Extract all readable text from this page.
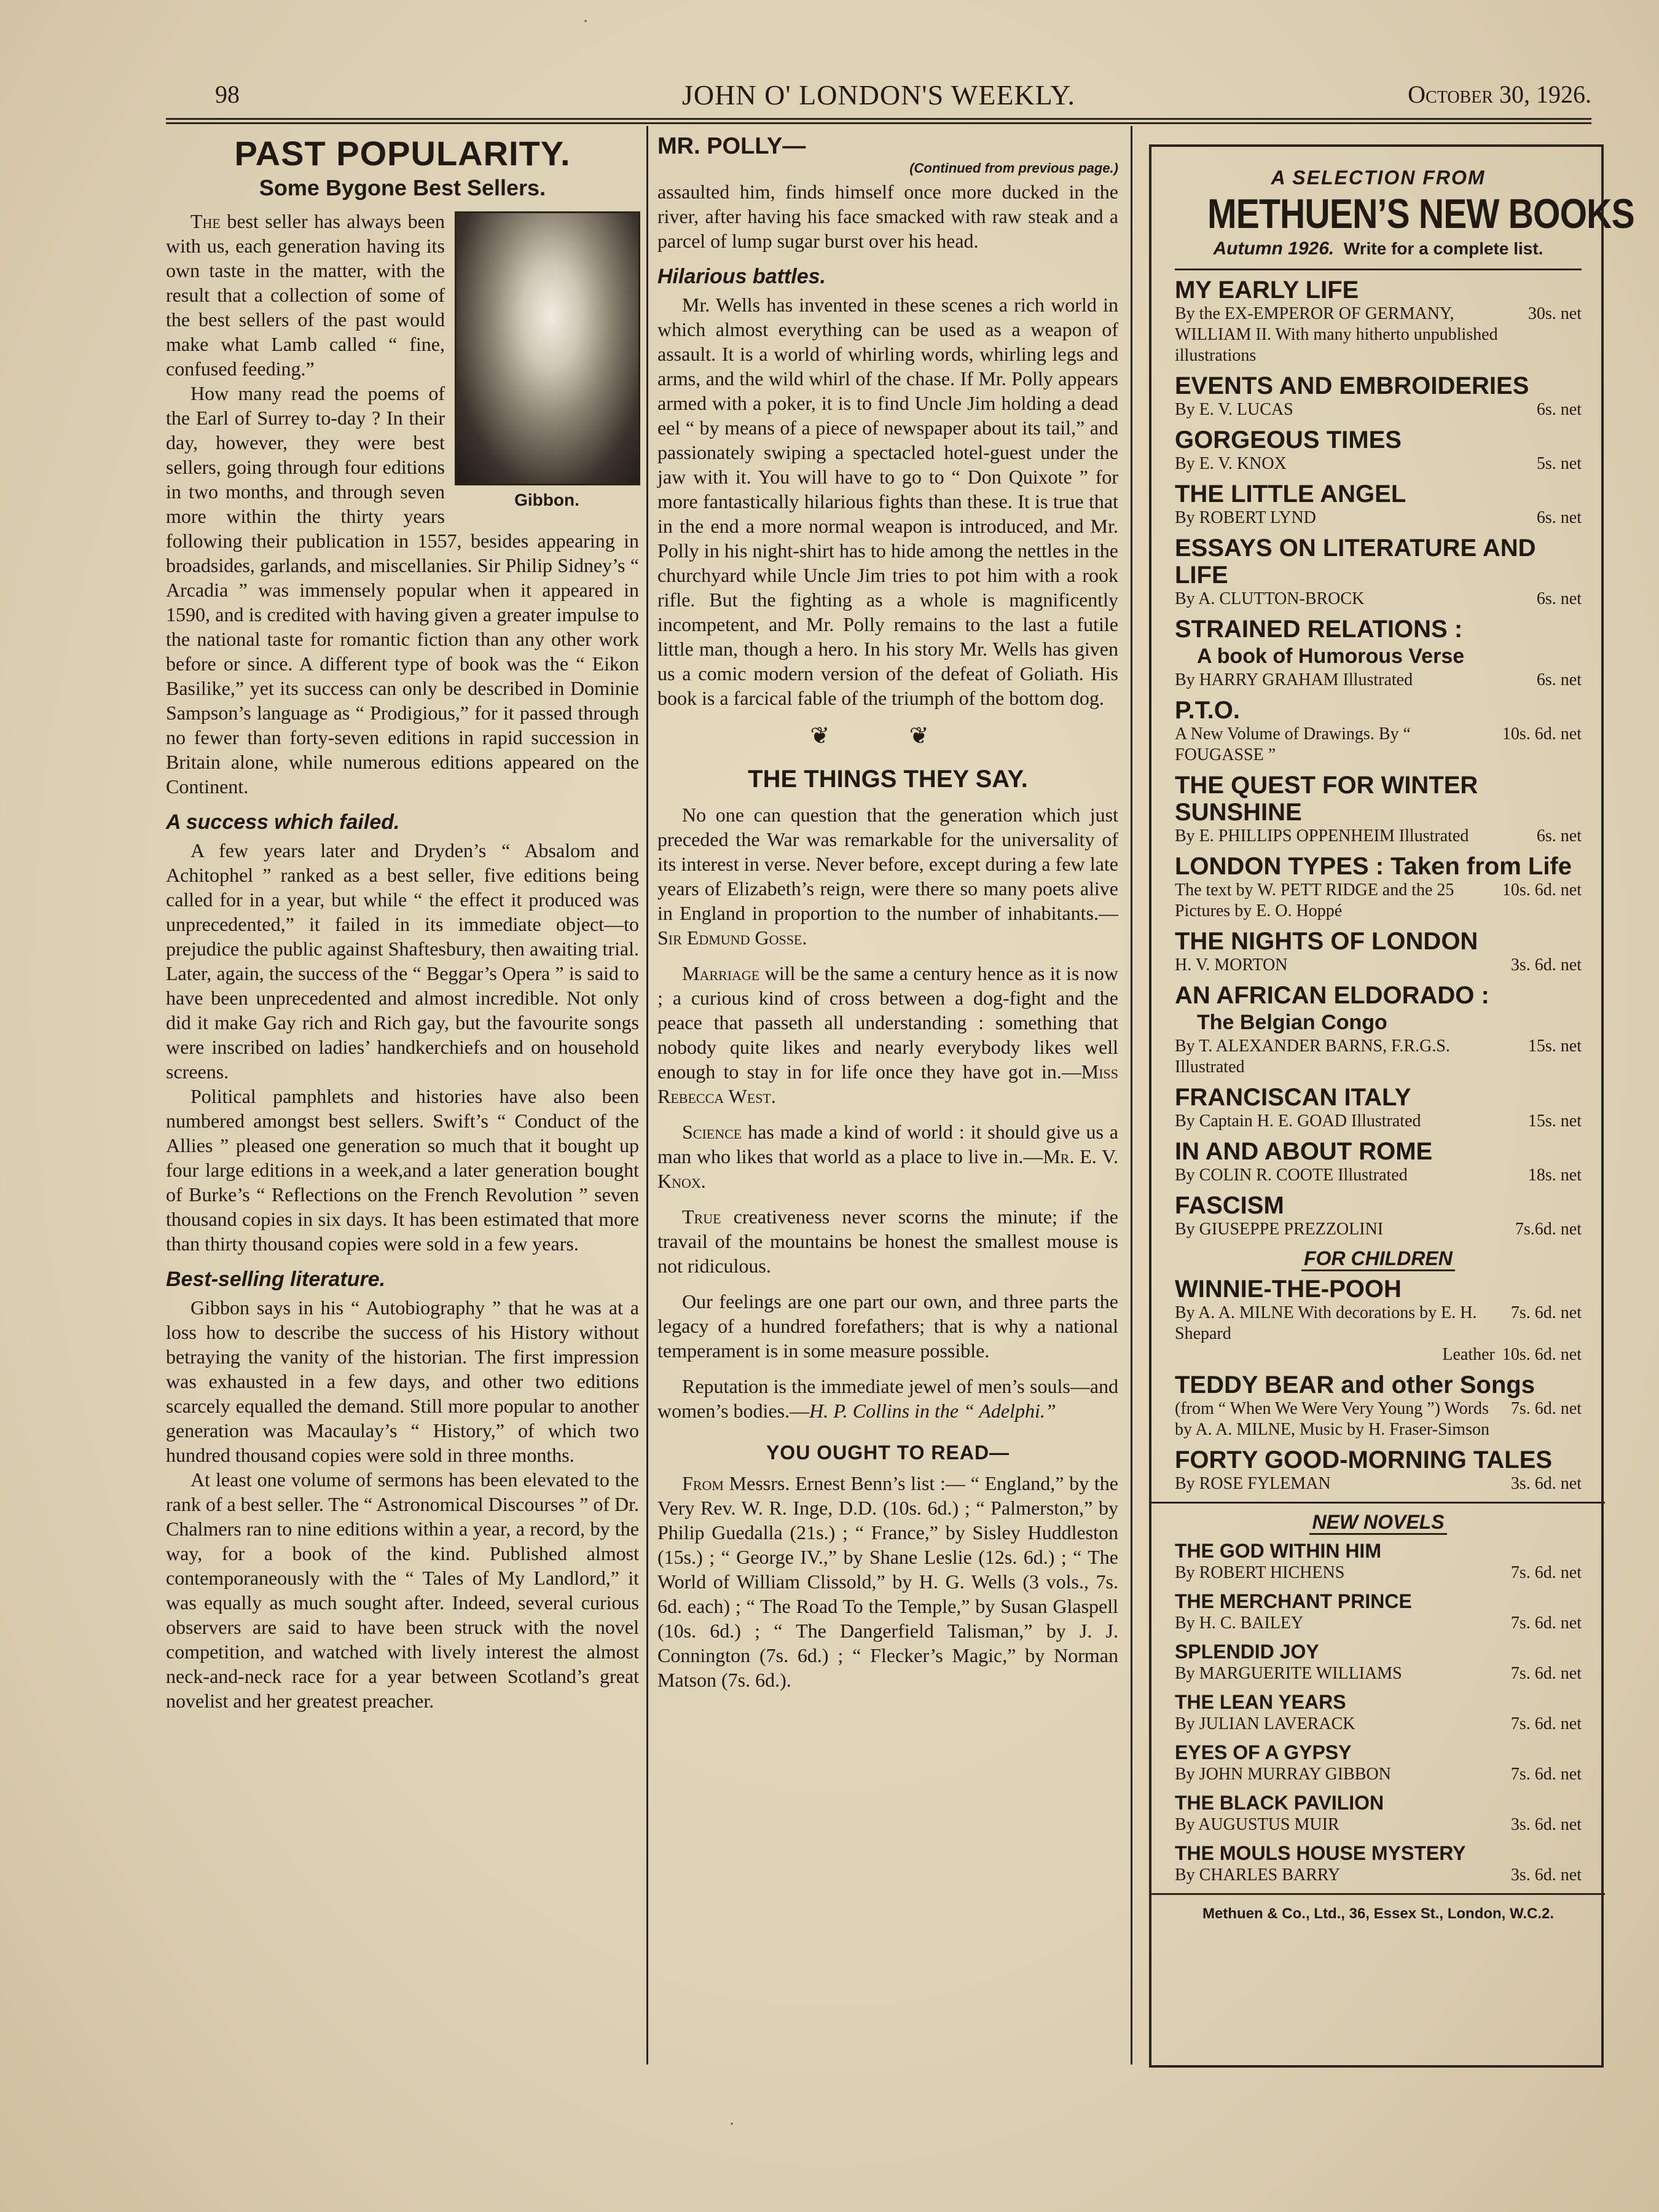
98	JOHN O' LONDON'S WEEKLY.	October 30, 1926.
PAST POPULARITY.
Some Bygone Best Sellers.
Gibbon.

The best seller has always been with us, each generation having its own taste in the matter, with the result that a collection of some of the best sellers of the past would make what Lamb called “ fine, confused feeding.”

How many read the poems of the Earl of Surrey to-day ? In their day, however, they were best sellers, going through four editions in two months, and through seven more within the thirty years following their publication in 1557, besides appearing in broadsides, garlands, and miscellanies. Sir Philip Sidney’s “ Arcadia ” was immensely popular when it appeared in 1590, and is credited with having given a greater impulse to the national taste for romantic fiction than any other work before or since. A different type of book was the “ Eikon Basilike,” yet its success can only be described in Dominie Sampson’s language as “ Prodigious,” for it passed through no fewer than forty-seven editions in rapid succession in Britain alone, while numerous editions appeared on the Continent.

A success which failed.

A few years later and Dryden’s “ Absalom and Achitophel ” ranked as a best seller, five editions being called for in a year, but while “ the effect it produced was unprecedented,” it failed in its immediate object—to prejudice the public against Shaftesbury, then awaiting trial. Later, again, the success of the “ Beggar’s Opera ” is said to have been unprecedented and almost incredible. Not only did it make Gay rich and Rich gay, but the favourite songs were inscribed on ladies’ handkerchiefs and on household screens.

Political pamphlets and histories have also been numbered amongst best sellers. Swift’s “ Conduct of the Allies ” pleased one generation so much that it bought up four large editions in a week,and a later generation bought of Burke’s “ Reflections on the French Revolution ” seven thousand copies in six days. It has been estimated that more than thirty thousand copies were sold in a few years.

Best-selling literature.

Gibbon says in his “ Autobiography ” that he was at a loss how to describe the success of his History without betraying the vanity of the historian. The first impression was exhausted in a few days, and other two editions scarcely equalled the demand. Still more popular to another generation was Macaulay’s “ History,” of which two hundred thousand copies were sold in three months.

At least one volume of sermons has been elevated to the rank of a best seller. The “ Astronomical Discourses ” of Dr. Chalmers ran to nine editions within a year, a record, by the way, for a book of the kind. Published almost contemporaneously with the “ Tales of My Landlord,” it was equally as much sought after. Indeed, several curious observers are said to have been struck with the novel competition, and watched with lively interest the almost neck-and-neck race for a year between Scotland’s great novelist and her greatest preacher.

MR. POLLY—
(Continued from previous page.)

assaulted him, finds himself once more ducked in the river, after having his face smacked with raw steak and a parcel of lump sugar burst over his head.

Hilarious battles.

Mr. Wells has invented in these scenes a rich world in which almost everything can be used as a weapon of assault. It is a world of whirling words, whirling legs and arms, and the wild whirl of the chase. If Mr. Polly appears armed with a poker, it is to find Uncle Jim holding a dead eel “ by means of a piece of newspaper about its tail,” and passionately swiping a spectacled hotel-guest under the jaw with it. You will have to go to “ Don Quixote ” for more fantastically hilarious fights than these. It is true that in the end a more normal weapon is introduced, and Mr. Polly in his night-shirt has to hide among the nettles in the churchyard while Uncle Jim tries to pot him with a rook rifle. But the fighting as a whole is magnificently incompetent, and Mr. Polly remains to the last a futile little man, though a hero. In his story Mr. Wells has given us a comic modern version of the defeat of Goliath. His book is a farcical fable of the triumph of the bottom dog.

❦ ❦
THE THINGS THEY SAY.

No one can question that the generation which just preceded the War was remarkable for the universality of its interest in verse. Never before, except during a few late years of Elizabeth’s reign, were there so many poets alive in England in proportion to the number of inhabitants.—Sir Edmund Gosse.

Marriage will be the same a century hence as it is now ; a curious kind of cross between a dog-fight and the peace that passeth all understanding : something that nobody quite likes and nearly everybody likes well enough to stay in for life once they have got in.—Miss Rebecca West.

Science has made a kind of world : it should give us a man who likes that world as a place to live in.—Mr. E. V. Knox.

True creativeness never scorns the minute; if the travail of the mountains be honest the smallest mouse is not ridiculous.

Our feelings are one part our own, and three parts the legacy of a hundred forefathers; that is why a national temperament is in some measure possible.

Reputation is the immediate jewel of men’s souls—and women’s bodies.—H. P. Collins in the “ Adelphi.”

YOU OUGHT TO READ—

From Messrs. Ernest Benn’s list :— “ England,” by the Very Rev. W. R. Inge, D.D. (10s. 6d.) ; “ Palmerston,” by Philip Guedalla (21s.) ; “ France,” by Sisley Huddleston (15s.) ; “ George IV.,” by Shane Leslie (12s. 6d.) ; “ The World of William Clissold,” by H. G. Wells (3 vols., 7s. 6d. each) ; “ The Road To the Temple,” by Susan Glaspell (10s. 6d.) ; “ The Dangerfield Talisman,” by J. J. Connington (7s. 6d.) ; “ Flecker’s Magic,” by Norman Matson (7s. 6d.).

A SELECTION FROM
METHUEN’S NEW BOOKS
Autumn 1926. Write for a complete list.
MY EARLY LIFE
By the EX-EMPEROR OF GERMANY, WILLIAM II. With many hitherto unpublished illustrations
30s. net
EVENTS AND EMBROIDERIES
By E. V. LUCAS	6s. net
GORGEOUS TIMES
By E. V. KNOX	5s. net
THE LITTLE ANGEL
By ROBERT LYND	6s. net
ESSAYS ON LITERATURE AND LIFE
By A. CLUTTON-BROCK	6s. net
STRAINED RELATIONS :
A book of Humorous Verse
By HARRY GRAHAM Illustrated	6s. net
P.T.O.
A New Volume of Drawings. By “ FOUGASSE ”
10s. 6d. net
THE QUEST FOR WINTER SUNSHINE
By E. PHILLIPS OPPENHEIM Illustrated	6s. net
LONDON TYPES : Taken from Life
The text by W. PETT RIDGE and the 25 Pictures by E. O. Hoppé
10s. 6d. net
THE NIGHTS OF LONDON
H. V. MORTON	3s. 6d. net
AN AFRICAN ELDORADO :
The Belgian Congo
By T. ALEXANDER BARNS, F.R.G.S. Illustrated
15s. net
FRANCISCAN ITALY
By Captain H. E. GOAD Illustrated	15s. net
IN AND ABOUT ROME
By COLIN R. COOTE Illustrated	18s. net
FASCISM
By GIUSEPPE PREZZOLINI	7s.6d. net
FOR CHILDREN
WINNIE-THE-POOH
By A. A. MILNE With decorations by E. H. Shepard
7s. 6d. net
Leather 10s. 6d. net
TEDDY BEAR and other Songs
(from “ When We Were Very Young ”) Words by A. A. MILNE, Music by H. Fraser-Simson
7s. 6d. net
FORTY GOOD-MORNING TALES
By ROSE FYLEMAN	3s. 6d. net
NEW NOVELS
THE GOD WITHIN HIM
By ROBERT HICHENS	7s. 6d. net
THE MERCHANT PRINCE
By H. C. BAILEY	7s. 6d. net
SPLENDID JOY
By MARGUERITE WILLIAMS	7s. 6d. net
THE LEAN YEARS
By JULIAN LAVERACK	7s. 6d. net
EYES OF A GYPSY
By JOHN MURRAY GIBBON	7s. 6d. net
THE BLACK PAVILION
By AUGUSTUS MUIR	3s. 6d. net
THE MOULS HOUSE MYSTERY
By CHARLES BARRY	3s. 6d. net
Methuen & Co., Ltd., 36, Essex St., London, W.C.2.
·
·
